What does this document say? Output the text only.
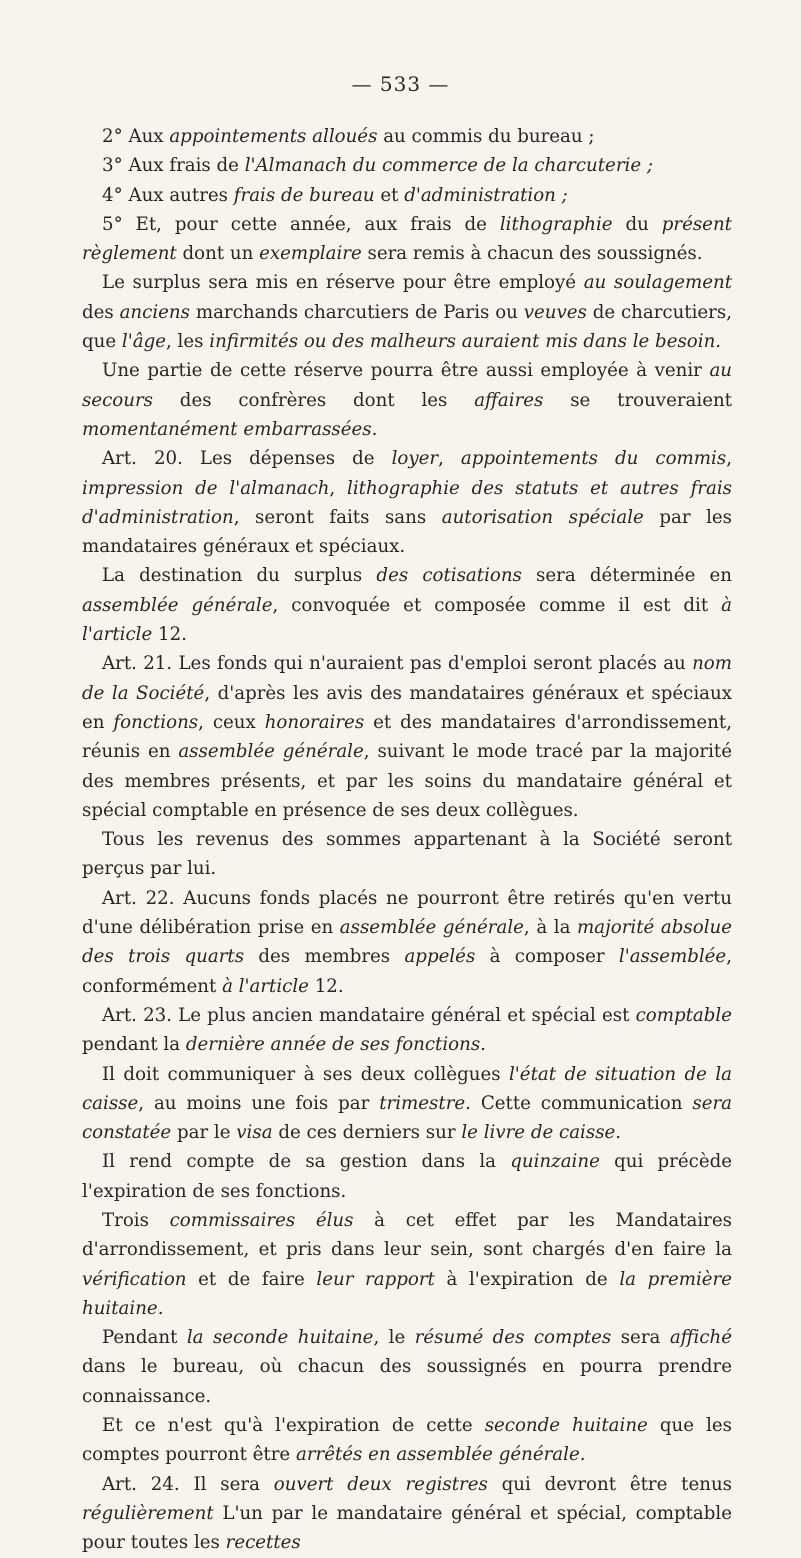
— 533 —

2° Aux appointements alloués au commis du bureau ;

3° Aux frais de l'Almanach du commerce de la charcuterie ;

4° Aux autres frais de bureau et d'administration ;

5° Et, pour cette année, aux frais de lithographie du présent règlement dont un exemplaire sera remis à chacun des soussignés.

Le surplus sera mis en réserve pour être employé au soulagement des anciens marchands charcutiers de Paris ou veuves de charcutiers, que l'âge, les infirmités ou des malheurs auraient mis dans le besoin.

Une partie de cette réserve pourra être aussi employée à venir au secours des confrères dont les affaires se trouveraient momentanément embarrassées.

Art. 20. Les dépenses de loyer, appointements du commis, impression de l'almanach, lithographie des statuts et autres frais d'administration, seront faits sans autorisation spéciale par les mandataires généraux et spéciaux.

La destination du surplus des cotisations sera déterminée en assemblée générale, convoquée et composée comme il est dit à l'article 12.

Art. 21. Les fonds qui n'auraient pas d'emploi seront placés au nom de la Société, d'après les avis des mandataires généraux et spéciaux en fonctions, ceux honoraires et des mandataires d'arrondissement, réunis en assemblée générale, suivant le mode tracé par la majorité des membres présents, et par les soins du mandataire général et spécial comptable en présence de ses deux collègues.

Tous les revenus des sommes appartenant à la Société seront perçus par lui.

Art. 22. Aucuns fonds placés ne pourront être retirés qu'en vertu d'une délibération prise en assemblée générale, à la majorité absolue des trois quarts des membres appelés à composer l'assemblée, conformément à l'article 12.

Art. 23. Le plus ancien mandataire général et spécial est comptable pendant la dernière année de ses fonctions.

Il doit communiquer à ses deux collègues l'état de situation de la caisse, au moins une fois par trimestre. Cette communication sera constatée par le visa de ces derniers sur le livre de caisse.

Il rend compte de sa gestion dans la quinzaine qui précède l'expiration de ses fonctions.

Trois commissaires élus à cet effet par les Mandataires d'arrondissement, et pris dans leur sein, sont chargés d'en faire la vérification et de faire leur rapport à l'expiration de la première huitaine.

Pendant la seconde huitaine, le résumé des comptes sera affiché dans le bureau, où chacun des soussignés en pourra prendre connaissance.

Et ce n'est qu'à l'expiration de cette seconde huitaine que les comptes pourront être arrêtés en assemblée générale.

Art. 24. Il sera ouvert deux registres qui devront être tenus régulièrement L'un par le mandataire général et spécial, comptable pour toutes les recettes
